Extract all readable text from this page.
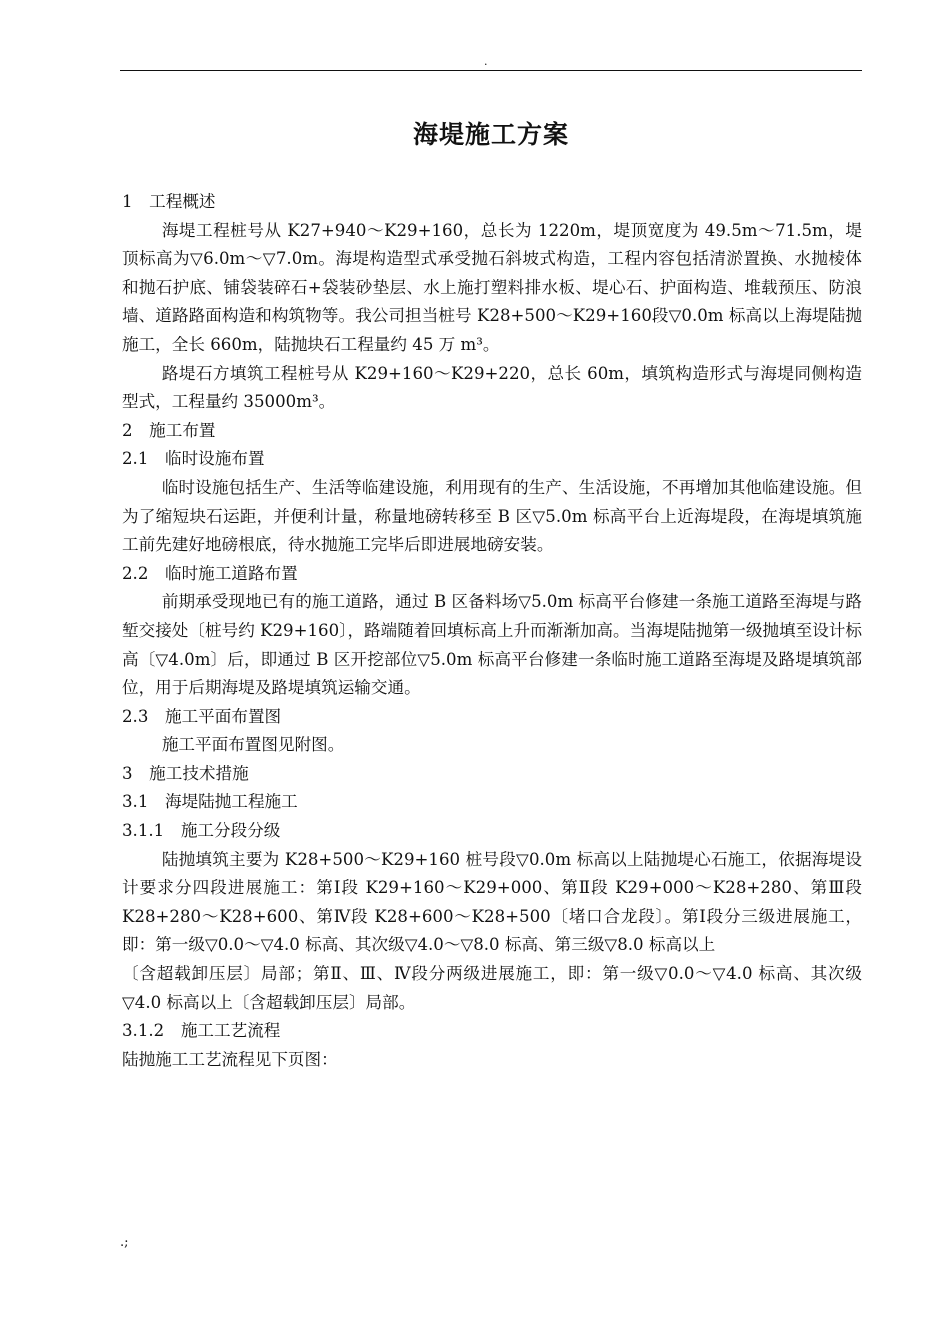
.
海堤施工方案

1　工程概述

海堤工程桩号从 K27+940～K29+160，总长为 1220m，堤顶宽度为 49.5m～71.5m，堤顶标高为▽6.0m～▽7.0m。海堤构造型式承受抛石斜坡式构造，工程内容包括清淤置换、水抛棱体和抛石护底、铺袋装碎石+袋装砂垫层、水上施打塑料排水板、堤心石、护面构造、堆载预压、防浪墙、道路路面构造和构筑物等。我公司担当桩号 K28+500～K29+160段▽0.0m 标高以上海堤陆抛施工，全长 660m，陆抛块石工程量约 45 万 m³。

路堤石方填筑工程桩号从 K29+160～K29+220，总长 60m，填筑构造形式与海堤同侧构造型式，工程量约 35000m³。

2　施工布置

2.1　临时设施布置

临时设施包括生产、生活等临建设施，利用现有的生产、生活设施，不再增加其他临建设施。但为了缩短块石运距，并便利计量，称量地磅转移至 B 区▽5.0m 标高平台上近海堤段，在海堤填筑施工前先建好地磅根底，待水抛施工完毕后即进展地磅安装。

2.2　临时施工道路布置

前期承受现地已有的施工道路，通过 B 区备料场▽5.0m 标高平台修建一条施工道路至海堤与路堑交接处〔桩号约 K29+160〕，路端随着回填标高上升而渐渐加高。当海堤陆抛第一级抛填至设计标高〔▽4.0m〕后，即通过 B 区开挖部位▽5.0m 标高平台修建一条临时施工道路至海堤及路堤填筑部位，用于后期海堤及路堤填筑运输交通。

2.3　施工平面布置图

施工平面布置图见附图。

3　施工技术措施

3.1　海堤陆抛工程施工

3.1.1　施工分段分级

陆抛填筑主要为 K28+500～K29+160 桩号段▽0.0m 标高以上陆抛堤心石施工，依据海堤设计要求分四段进展施工：第Ⅰ段 K29+160～K29+000、第Ⅱ段 K29+000～K28+280、第Ⅲ段 K28+280～K28+600、第Ⅳ段 K28+600～K28+500〔堵口合龙段〕。第Ⅰ段分三级进展施工，即：第一级▽0.0～▽4.0 标高、其次级▽4.0～▽8.0 标高、第三级▽8.0 标高以上

〔含超载卸压层〕局部；第Ⅱ、Ⅲ、Ⅳ段分两级进展施工，即：第一级▽0.0～▽4.0 标高、其次级▽4.0 标高以上〔含超载卸压层〕局部。

3.1.2　施工工艺流程

陆抛施工工艺流程见下页图：

.;
